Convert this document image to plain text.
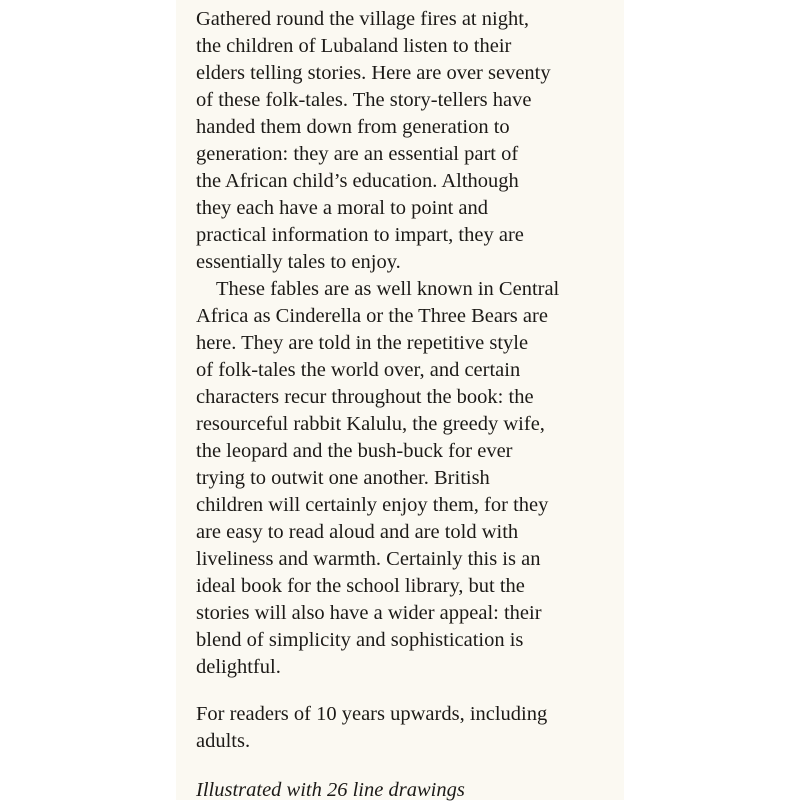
Gathered round the village fires at night,
the children of Lubaland listen to their
elders telling stories. Here are over seventy
of these folk-tales. The story-tellers have
handed them down from generation to
generation: they are an essential part of
the African child’s education. Although
they each have a moral to point and
practical information to impart, they are
essentially tales to enjoy.

These fables are as well known in Central
Africa as Cinderella or the Three Bears are
here. They are told in the repetitive style
of folk-tales the world over, and certain
characters recur throughout the book: the
resourceful rabbit Kalulu, the greedy wife,
the leopard and the bush-buck for ever
trying to outwit one another. British
children will certainly enjoy them, for they
are easy to read aloud and are told with
liveliness and warmth. Certainly this is an
ideal book for the school library, but the
stories will also have a wider appeal: their
blend of simplicity and sophistication is
delightful.

For readers of 10 years upwards, including
adults.

Illustrated with 26 line drawings
